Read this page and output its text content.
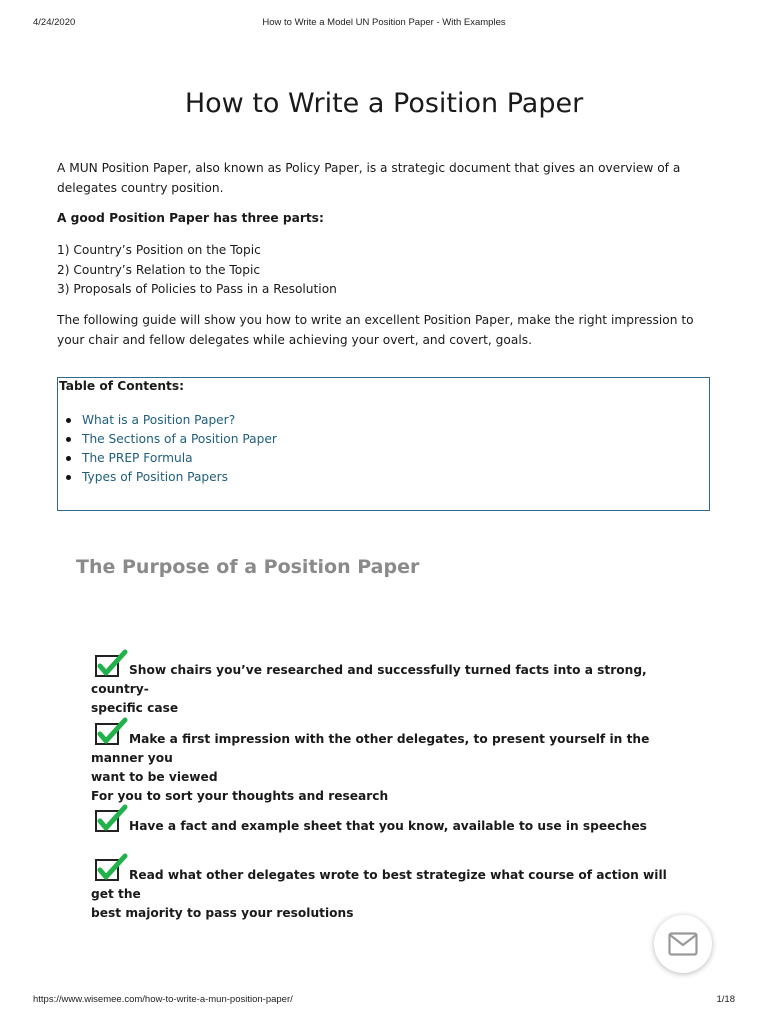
4/24/2020	How to Write a Model UN Position Paper - With Examples
How to Write a Position Paper

A MUN Position Paper, also known as Policy Paper, is a strategic document that gives an overview of a delegates country position.

A good Position Paper has three parts:

1) Country’s Position on the Topic
2) Country’s Relation to the Topic
3) Proposals of Policies to Pass in a Resolution

The following guide will show you how to write an excellent Position Paper, make the right impression to your chair and fellow delegates while achieving your overt, and covert, goals.

Table of Contents:
What is a Position Paper?
The Sections of a Position Paper
The PREP Formula
Types of Position Papers
The Purpose of a Position Paper

Show chairs you’ve researched and successfully turned facts into a strong, country-
specific case

Make a first impression with the other delegates, to present yourself in the manner you
want to be viewed
For you to sort your thoughts and research

Have a fact and example sheet that you know, available to use in speeches

Read what other delegates wrote to best strategize what course of action will get the
best majority to pass your resolutions

https://www.wisemee.com/how-to-write-a-mun-position-paper/	1/18
